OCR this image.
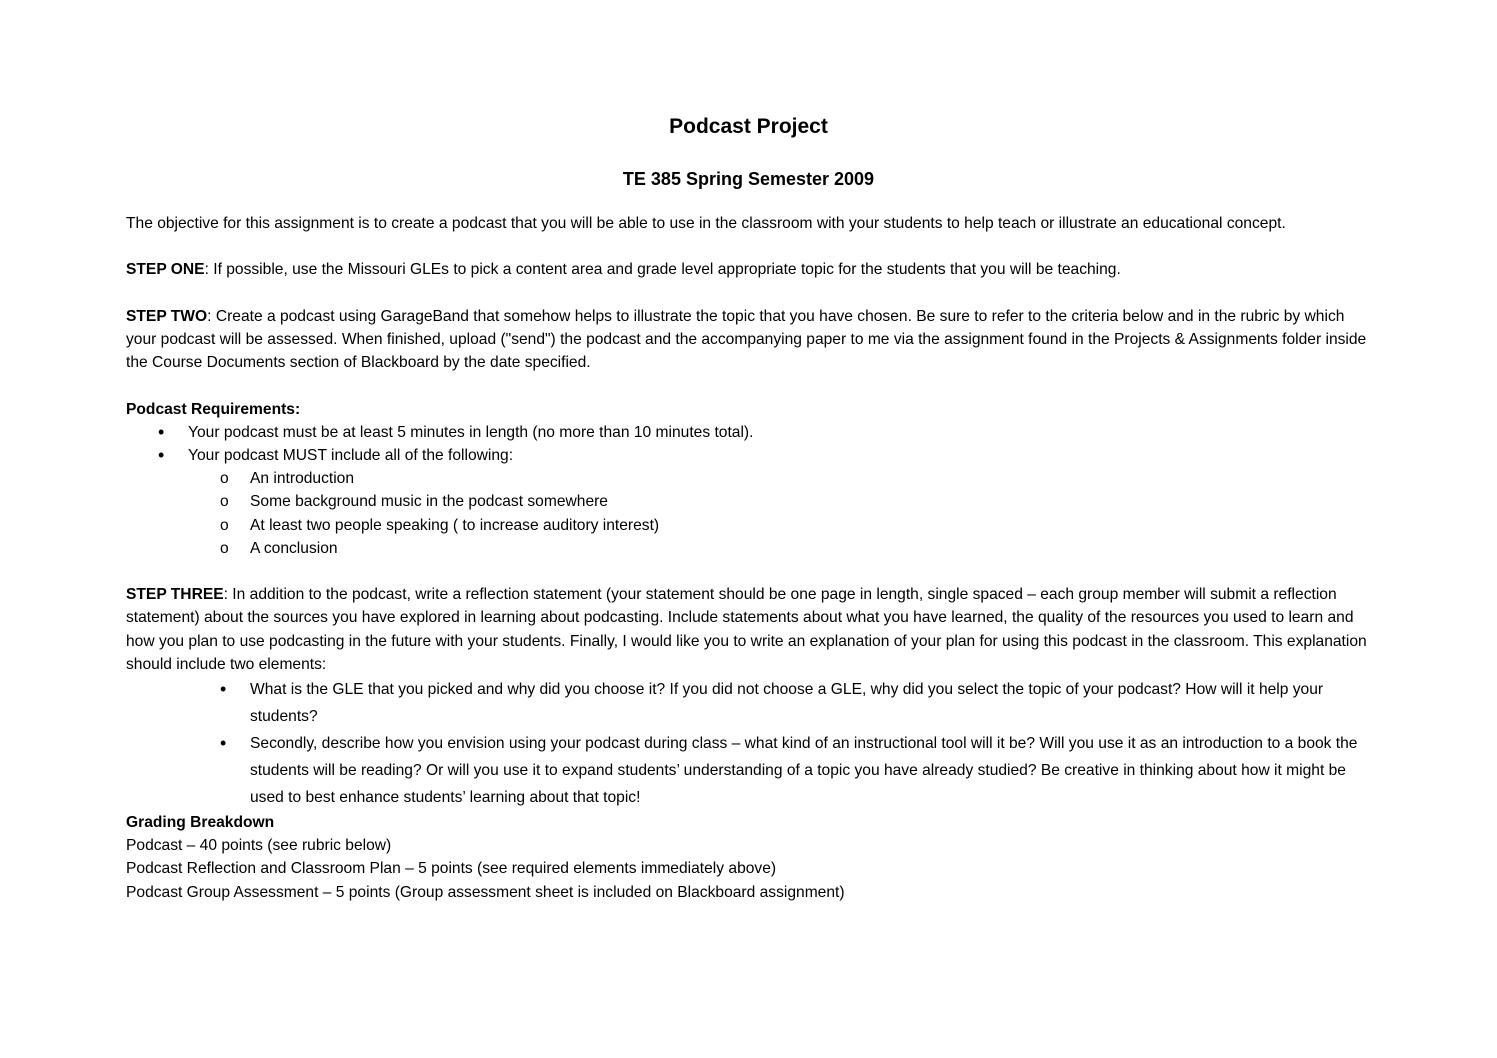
Podcast Project
TE 385 Spring Semester 2009

The objective for this assignment is to create a podcast that you will be able to use in the classroom with your students to help teach or illustrate an educational concept.

STEP ONE: If possible, use the Missouri GLEs to pick a content area and grade level appropriate topic for the students that you will be teaching.

STEP TWO: Create a podcast using GarageBand that somehow helps to illustrate the topic that you have chosen. Be sure to refer to the criteria below and in the rubric by which your podcast will be assessed. When finished, upload ("send") the podcast and the accompanying paper to me via the assignment found in the Projects & Assignments folder inside the Course Documents section of Blackboard by the date specified.

Podcast Requirements:
• Your podcast must be at least 5 minutes in length (no more than 10 minutes total).
• Your podcast MUST include all of the following:
o An introduction
o Some background music in the podcast somewhere
o At least two people speaking ( to increase auditory interest)
o A conclusion

STEP THREE: In addition to the podcast, write a reflection statement (your statement should be one page in length, single spaced – each group member will submit a reflection statement) about the sources you have explored in learning about podcasting. Include statements about what you have learned, the quality of the resources you used to learn and how you plan to use podcasting in the future with your students. Finally, I would like you to write an explanation of your plan for using this podcast in the classroom. This explanation should include two elements:

• What is the GLE that you picked and why did you choose it? If you did not choose a GLE, why did you select the topic of your podcast? How will it help your students?
• Secondly, describe how you envision using your podcast during class – what kind of an instructional tool will it be? Will you use it as an introduction to a book the students will be reading? Or will you use it to expand students’ understanding of a topic you have already studied? Be creative in thinking about how it might be used to best enhance students’ learning about that topic!
Grading Breakdown
Podcast – 40 points (see rubric below)
Podcast Reflection and Classroom Plan – 5 points (see required elements immediately above)
Podcast Group Assessment – 5 points (Group assessment sheet is included on Blackboard assignment)
